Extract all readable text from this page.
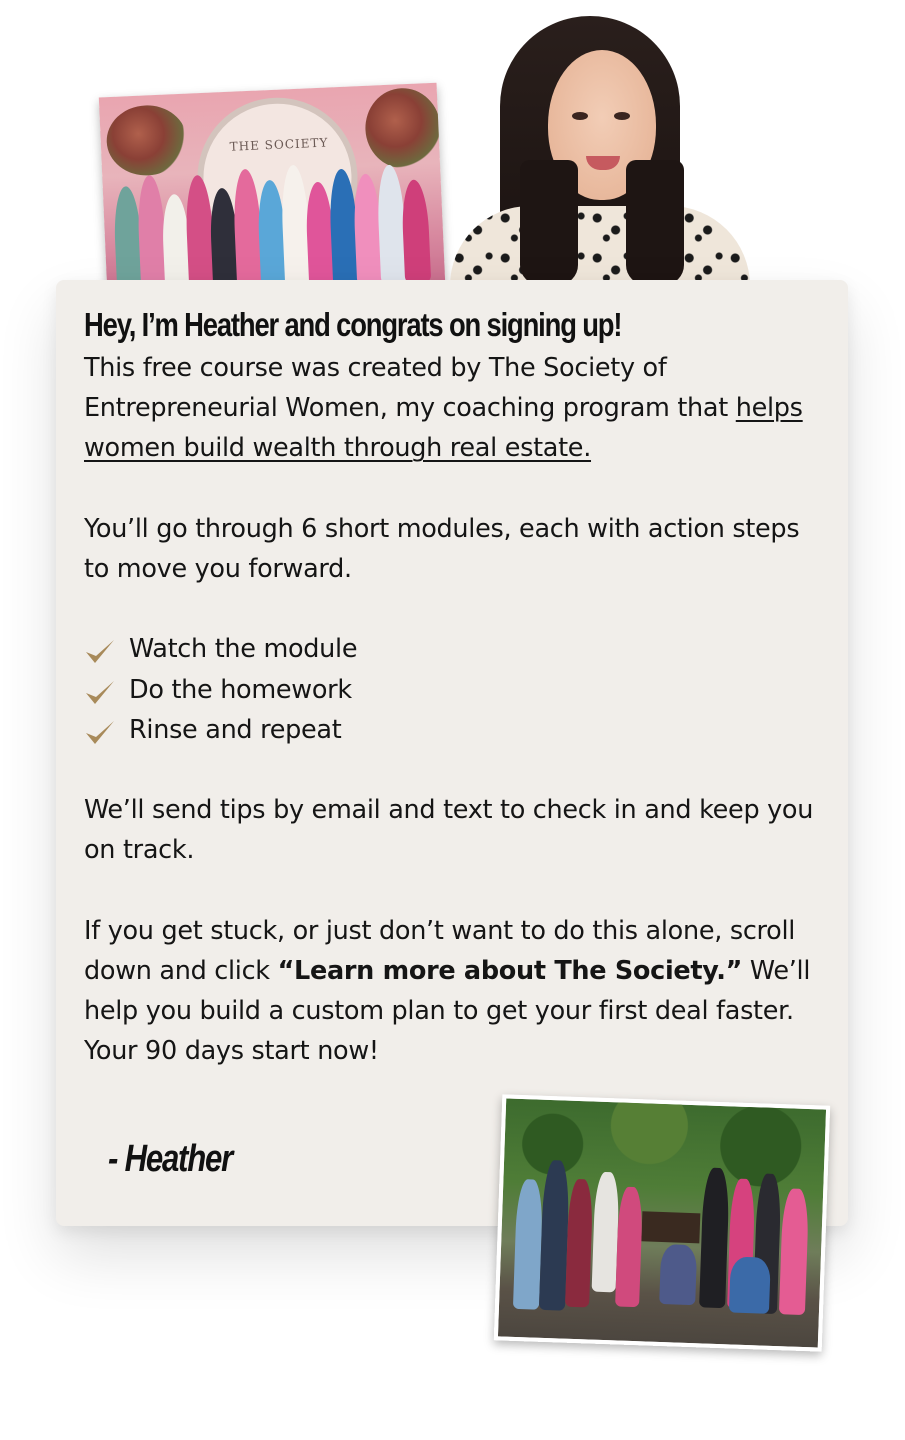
THE SOCIETY
Hey, I’m Heather and congrats on signing up!

This free course was created by The Society of Entrepreneurial Women, my coaching program that helps women build wealth through real estate.

You’ll go through 6 short modules, each with action steps to move you forward.

Watch the module
Do the homework
Rinse and repeat

We’ll send tips by email and text to check in and keep you on track.

If you get stuck, or just don’t want to do this alone, scroll down and click “Learn more about The Society.” We’ll help you build a custom plan to get your first deal faster.

Your 90 days start now!

- Heather
